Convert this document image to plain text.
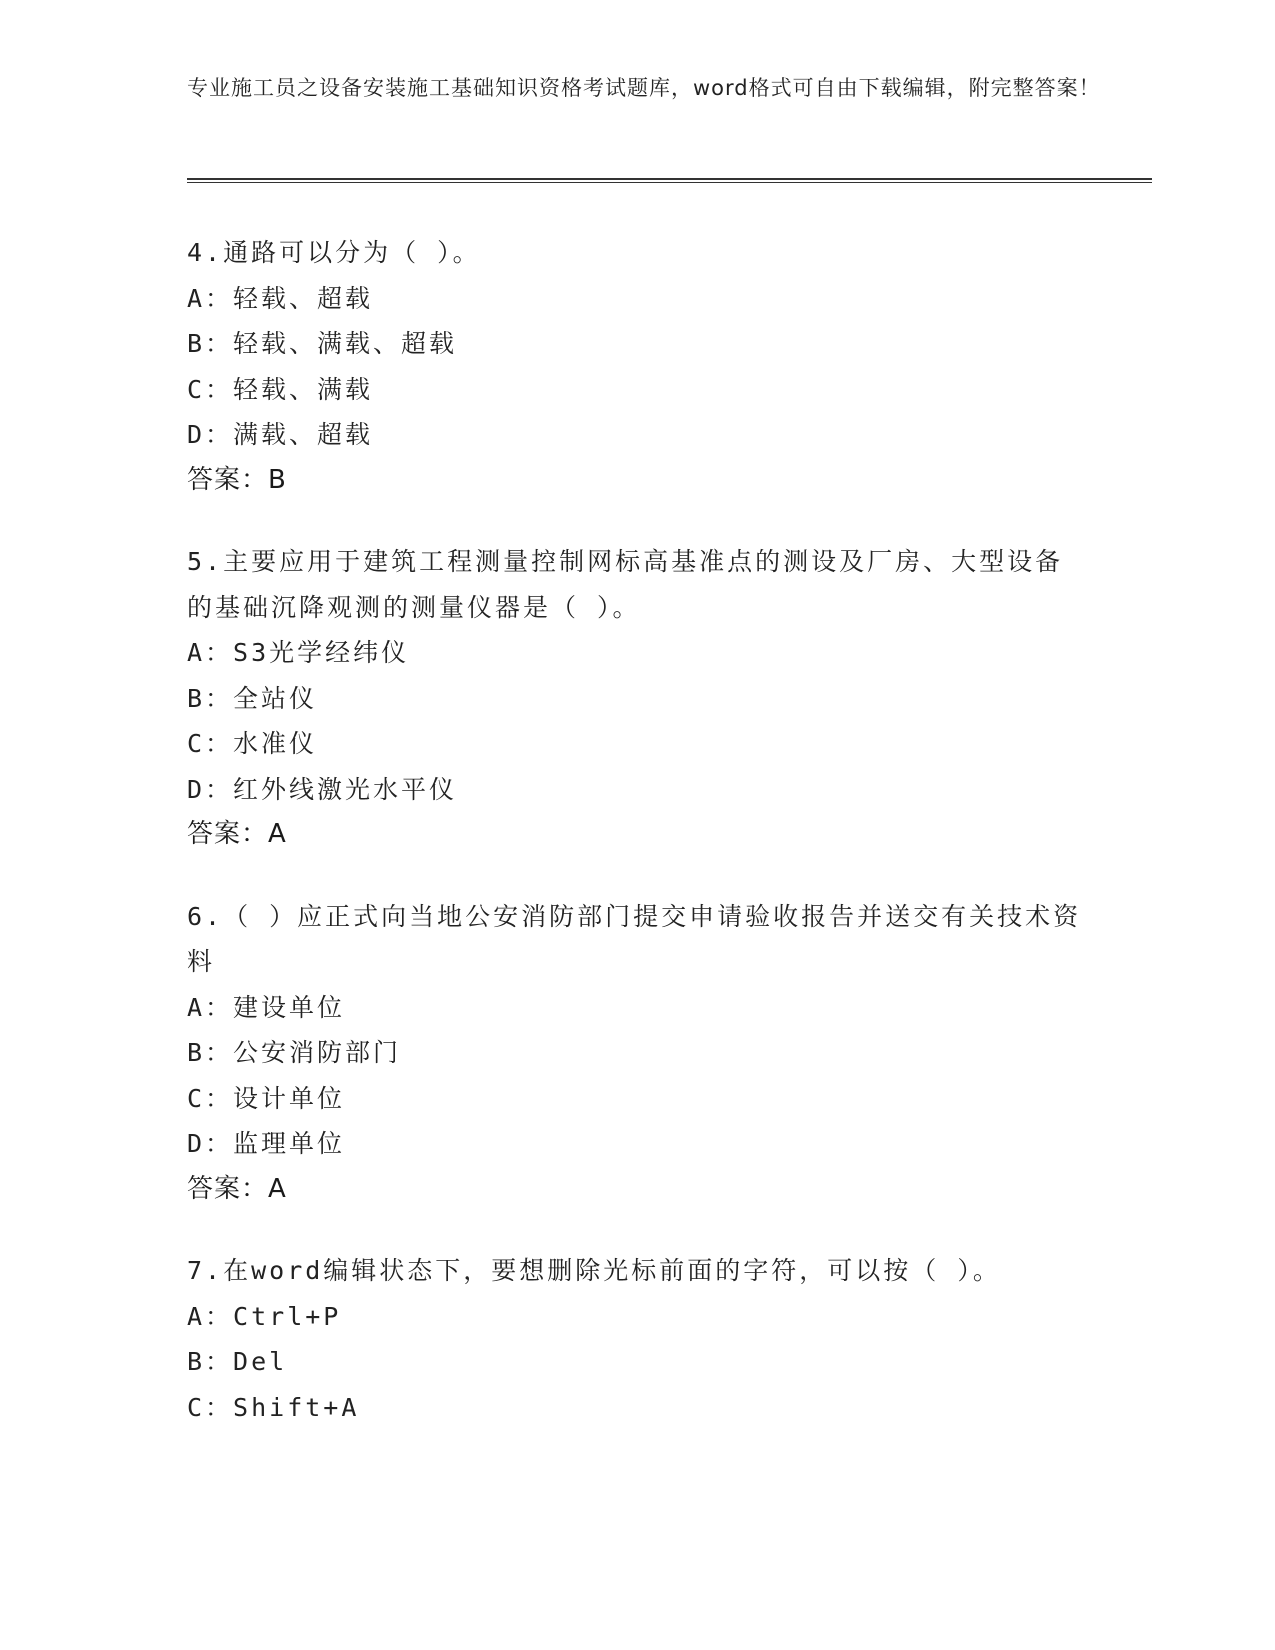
专业施工员之设备安装施工基础知识资格考试题库，word格式可自由下载编辑，附完整答案！
4.通路可以分为（ ）。
A：轻载、超载
B：轻载、满载、超载
C：轻载、满载
D：满载、超载
答案：B
5.主要应用于建筑工程测量控制网标高基准点的测设及厂房、大型设备的基础沉降观测的测量仪器是（ ）。
A：S3光学经纬仪
B：全站仪
C：水准仪
D：红外线激光水平仪
答案：A
6.（ ）应正式向当地公安消防部门提交申请验收报告并送交有关技术资料
A：建设单位
B：公安消防部门
C：设计单位
D：监理单位
答案：A
7.在word编辑状态下，要想删除光标前面的字符，可以按（ ）。
A：Ctrl+P
B：Del
C：Shift+A
